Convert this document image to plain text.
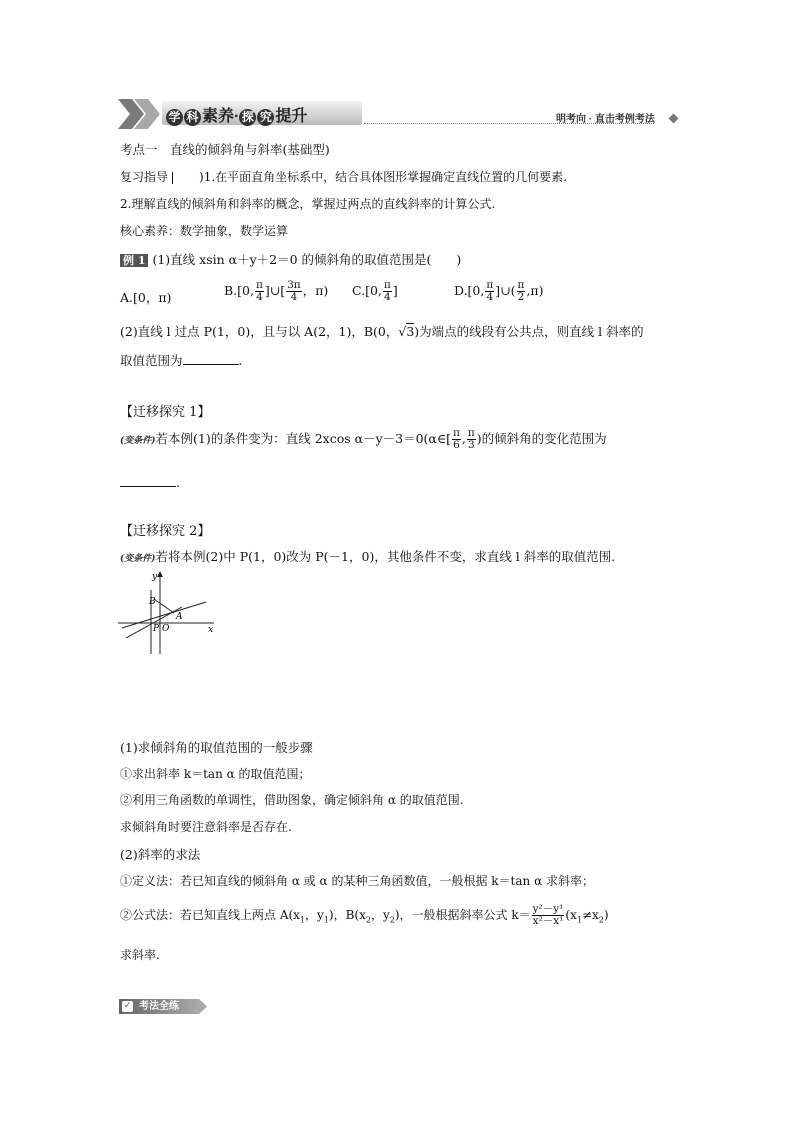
学 科 素养· 探 究 提升	明考向 · 直击考例考法
考点一　直线的倾斜角与斜率(基础型)
复习指导	)1.在平面直角坐标系中，结合具体图形掌握确定直线位置的几何要素.
2.理解直线的倾斜角和斜率的概念，掌握过两点的直线斜率的计算公式.
核心素养：数学抽象，数学运算
例 1 (1)直线 xsin α＋y＋2＝0 的倾斜角的取值范围是(　　)
A.[0，π)	B.[0, $\frac{\pi}{4}$ ]∪[ $\frac{3\pi}{4}$ ，π) C.[0, $\frac{\pi}{4}$ ]	D.[0, $\frac{\pi}{4}$ ]∪( $\frac{\pi}{2} ,\pi$)
(2)直线 l 过点 P(1，0)，且与以 A(2，1)，B(0，√3)为端点的线段有公共点，则直线 l 斜率的
取值范围为	.
【迁移探究 1】
(变条件)若本例(1)的条件变为：直线 2xcos α－y－3＝0(α∈[ $\frac{\pi}{6}$ , $\frac{\pi}{3}$ )的倾斜角的变化范围为
.
【迁移探究 2】
(变条件)若将本例(2)中 P(1，0)改为 P(－1，0)，其他条件不变，求直线 l 斜率的取值范围.
y
x
B
A
P O
(1)求倾斜角的取值范围的一般步骤
①求出斜率 k＝tan α 的取值范围；
②利用三角函数的单调性，借助图象，确定倾斜角 α 的取值范围.
求倾斜角时要注意斜率是否存在.
(2)斜率的求法
①定义法：若已知直线的倾斜角 α 或 α 的某种三角函数值，一般根据 k＝tan α 求斜率；
②公式法：若已知直线上两点 $A(x_1$，$y_1$)，$B(x_2$，$y_2$)，一般根据斜率公式 $k= \frac{\text{y²－y¹}}{\text{x²－x¹}} (x_1\ne x_2)$
求斜率.
考法全练
✓
